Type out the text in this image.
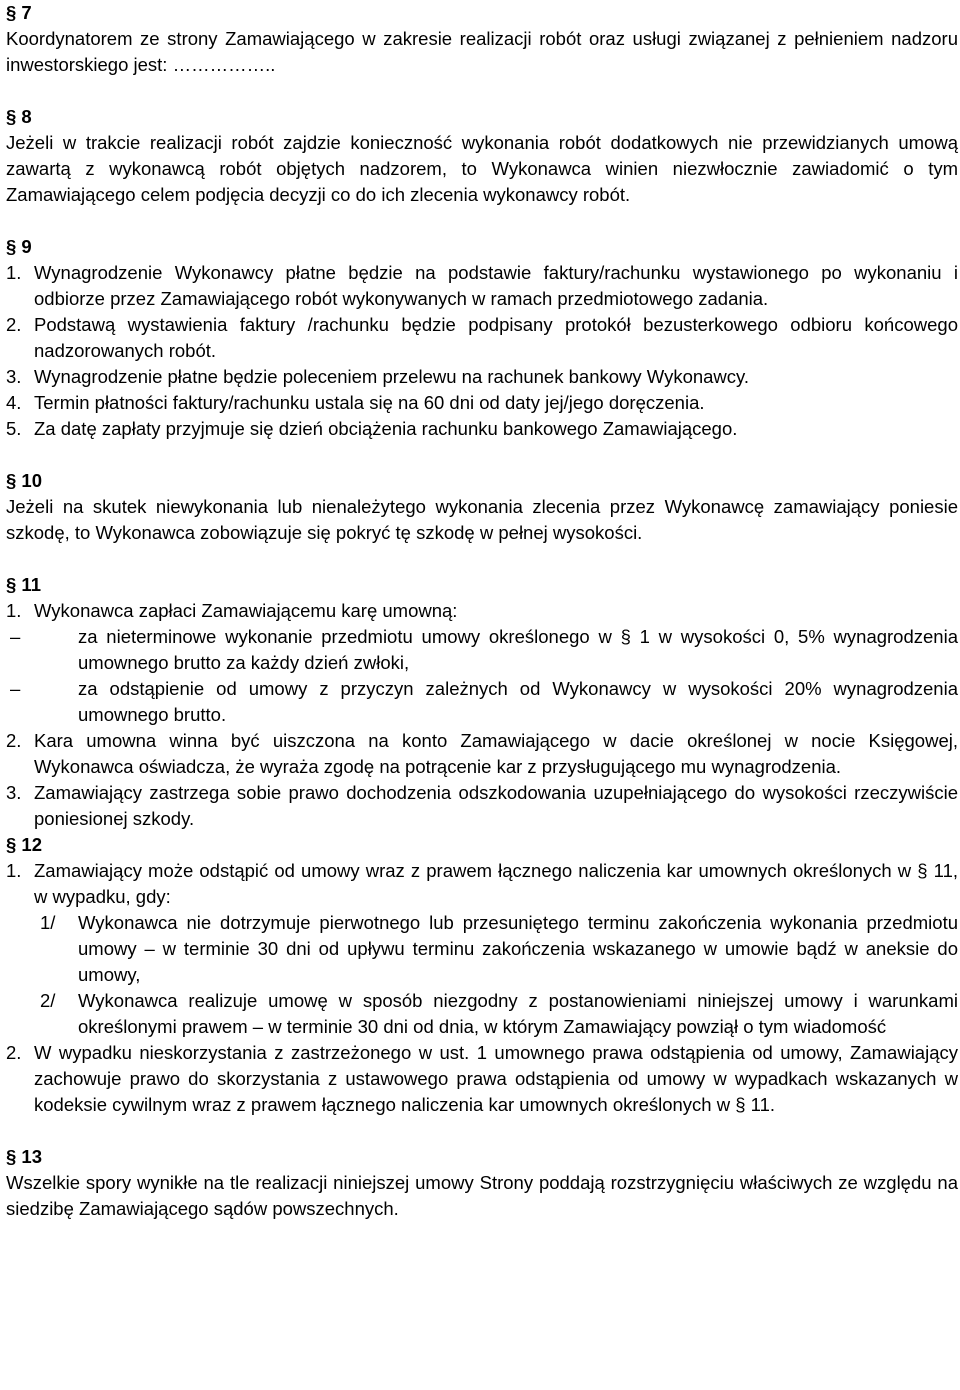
§ 7

Koordynatorem ze strony Zamawiającego w zakresie realizacji robót oraz usługi związanej z pełnieniem nadzoru inwestorskiego jest: ……………..

§ 8

Jeżeli w trakcie realizacji robót zajdzie konieczność wykonania robót dodatkowych nie przewidzianych umową zawartą z wykonawcą robót objętych nadzorem, to Wykonawca winien niezwłocznie zawiadomić o tym Zamawiającego celem podjęcia decyzji co do ich zlecenia wykonawcy robót.

§ 9

1. Wynagrodzenie Wykonawcy płatne będzie na podstawie faktury/rachunku wystawionego po wykonaniu i odbiorze przez Zamawiającego robót wykonywanych w ramach przedmiotowego zadania.
2. Podstawą wystawienia faktury /rachunku będzie podpisany protokół bezusterkowego odbioru końcowego nadzorowanych robót.
3. Wynagrodzenie płatne będzie poleceniem przelewu na rachunek bankowy Wykonawcy.
4. Termin płatności faktury/rachunku ustala się na 60 dni od daty jej/jego doręczenia.
5. Za datę zapłaty przyjmuje się dzień obciążenia rachunku bankowego Zamawiającego.

§ 10

Jeżeli na skutek niewykonania lub nienależytego wykonania zlecenia przez Wykonawcę zamawiający poniesie szkodę, to Wykonawca zobowiązuje się pokryć tę szkodę w pełnej wysokości.

§ 11

1. Wykonawca zapłaci Zamawiającemu karę umowną:
–	za nieterminowe wykonanie przedmiotu umowy określonego w § 1 w wysokości 0, 5% wynagrodzenia umownego brutto za każdy dzień zwłoki,
–	za odstąpienie od umowy z przyczyn zależnych od Wykonawcy w wysokości 20% wynagrodzenia umownego brutto.
2. Kara umowna winna być uiszczona na konto Zamawiającego w dacie określonej w nocie Księgowej, Wykonawca oświadcza, że wyraża zgodę na potrącenie kar z przysługującego mu wynagrodzenia.
3. Zamawiający zastrzega sobie prawo dochodzenia odszkodowania uzupełniającego do wysokości rzeczywiście poniesionej szkody.

§ 12

1. Zamawiający może odstąpić od umowy wraz z prawem łącznego naliczenia kar umownych określonych w § 11, w wypadku, gdy:
1/	Wykonawca nie dotrzymuje pierwotnego lub przesuniętego terminu zakończenia wykonania przedmiotu umowy – w terminie 30 dni od upływu terminu zakończenia wskazanego w umowie bądź w aneksie do umowy,
2/	Wykonawca realizuje umowę w sposób niezgodny z postanowieniami niniejszej umowy i warunkami określonymi prawem – w terminie 30 dni od dnia, w którym Zamawiający powziął o tym wiadomość
2. W wypadku nieskorzystania z zastrzeżonego w ust. 1 umownego prawa odstąpienia od umowy, Zamawiający zachowuje prawo do skorzystania z ustawowego prawa odstąpienia od umowy w wypadkach wskazanych w kodeksie cywilnym wraz z prawem łącznego naliczenia kar umownych określonych w § 11.

§ 13

Wszelkie spory wynikłe na tle realizacji niniejszej umowy Strony poddają rozstrzygnięciu właściwych ze względu na siedzibę Zamawiającego sądów powszechnych.
